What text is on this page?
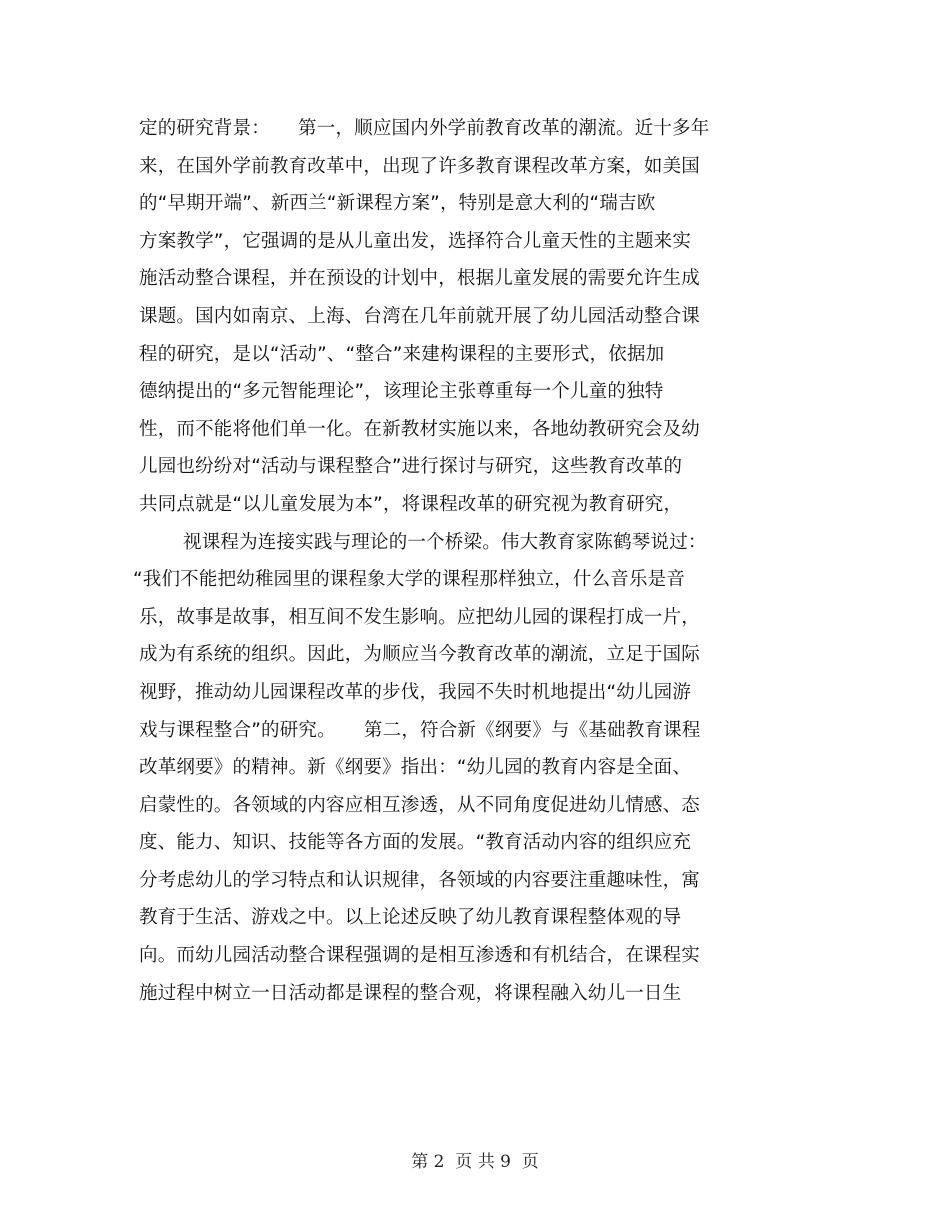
定的研究背景：　　第一，顺应国内外学前教育改革的潮流。近十多年
来，在国外学前教育改革中，出现了许多教育课程改革方案，如美国
的“早期开端”、新西兰“新课程方案”，特别是意大利的“瑞吉欧
方案教学”，它强调的是从儿童出发，选择符合儿童天性的主题来实
施活动整合课程，并在预设的计划中，根据儿童发展的需要允许生成
课题。国内如南京、上海、台湾在几年前就开展了幼儿园活动整合课
程的研究，是以“活动”、“整合”来建构课程的主要形式，依据加
德纳提出的“多元智能理论”，该理论主张尊重每一个儿童的独特
性，而不能将他们单一化。在新教材实施以来，各地幼教研究会及幼
儿园也纷纷对“活动与课程整合”进行探讨与研究，这些教育改革的
共同点就是“以儿童发展为本”，将课程改革的研究视为教育研究，
视课程为连接实践与理论的一个桥梁。伟大教育家陈鹤琴说过：
“我们不能把幼稚园里的课程象大学的课程那样独立，什么音乐是音
乐，故事是故事，相互间不发生影响。应把幼儿园的课程打成一片，
成为有系统的组织。因此，为顺应当今教育改革的潮流，立足于国际
视野，推动幼儿园课程改革的步伐，我园不失时机地提出“幼儿园游
戏与课程整合”的研究。　　第二，符合新《纲要》与《基础教育课程
改革纲要》的精神。新《纲要》指出：“幼儿园的教育内容是全面、
启蒙性的。各领域的内容应相互渗透，从不同角度促进幼儿情感、态
度、能力、知识、技能等各方面的发展。“教育活动内容的组织应充
分考虑幼儿的学习特点和认识规律，各领域的内容要注重趣味性，寓
教育于生活、游戏之中。以上论述反映了幼儿教育课程整体观的导
向。而幼儿园活动整合课程强调的是相互渗透和有机结合，在课程实
施过程中树立一日活动都是课程的整合观，将课程融入幼儿一日生
第 2  页 共 9  页
